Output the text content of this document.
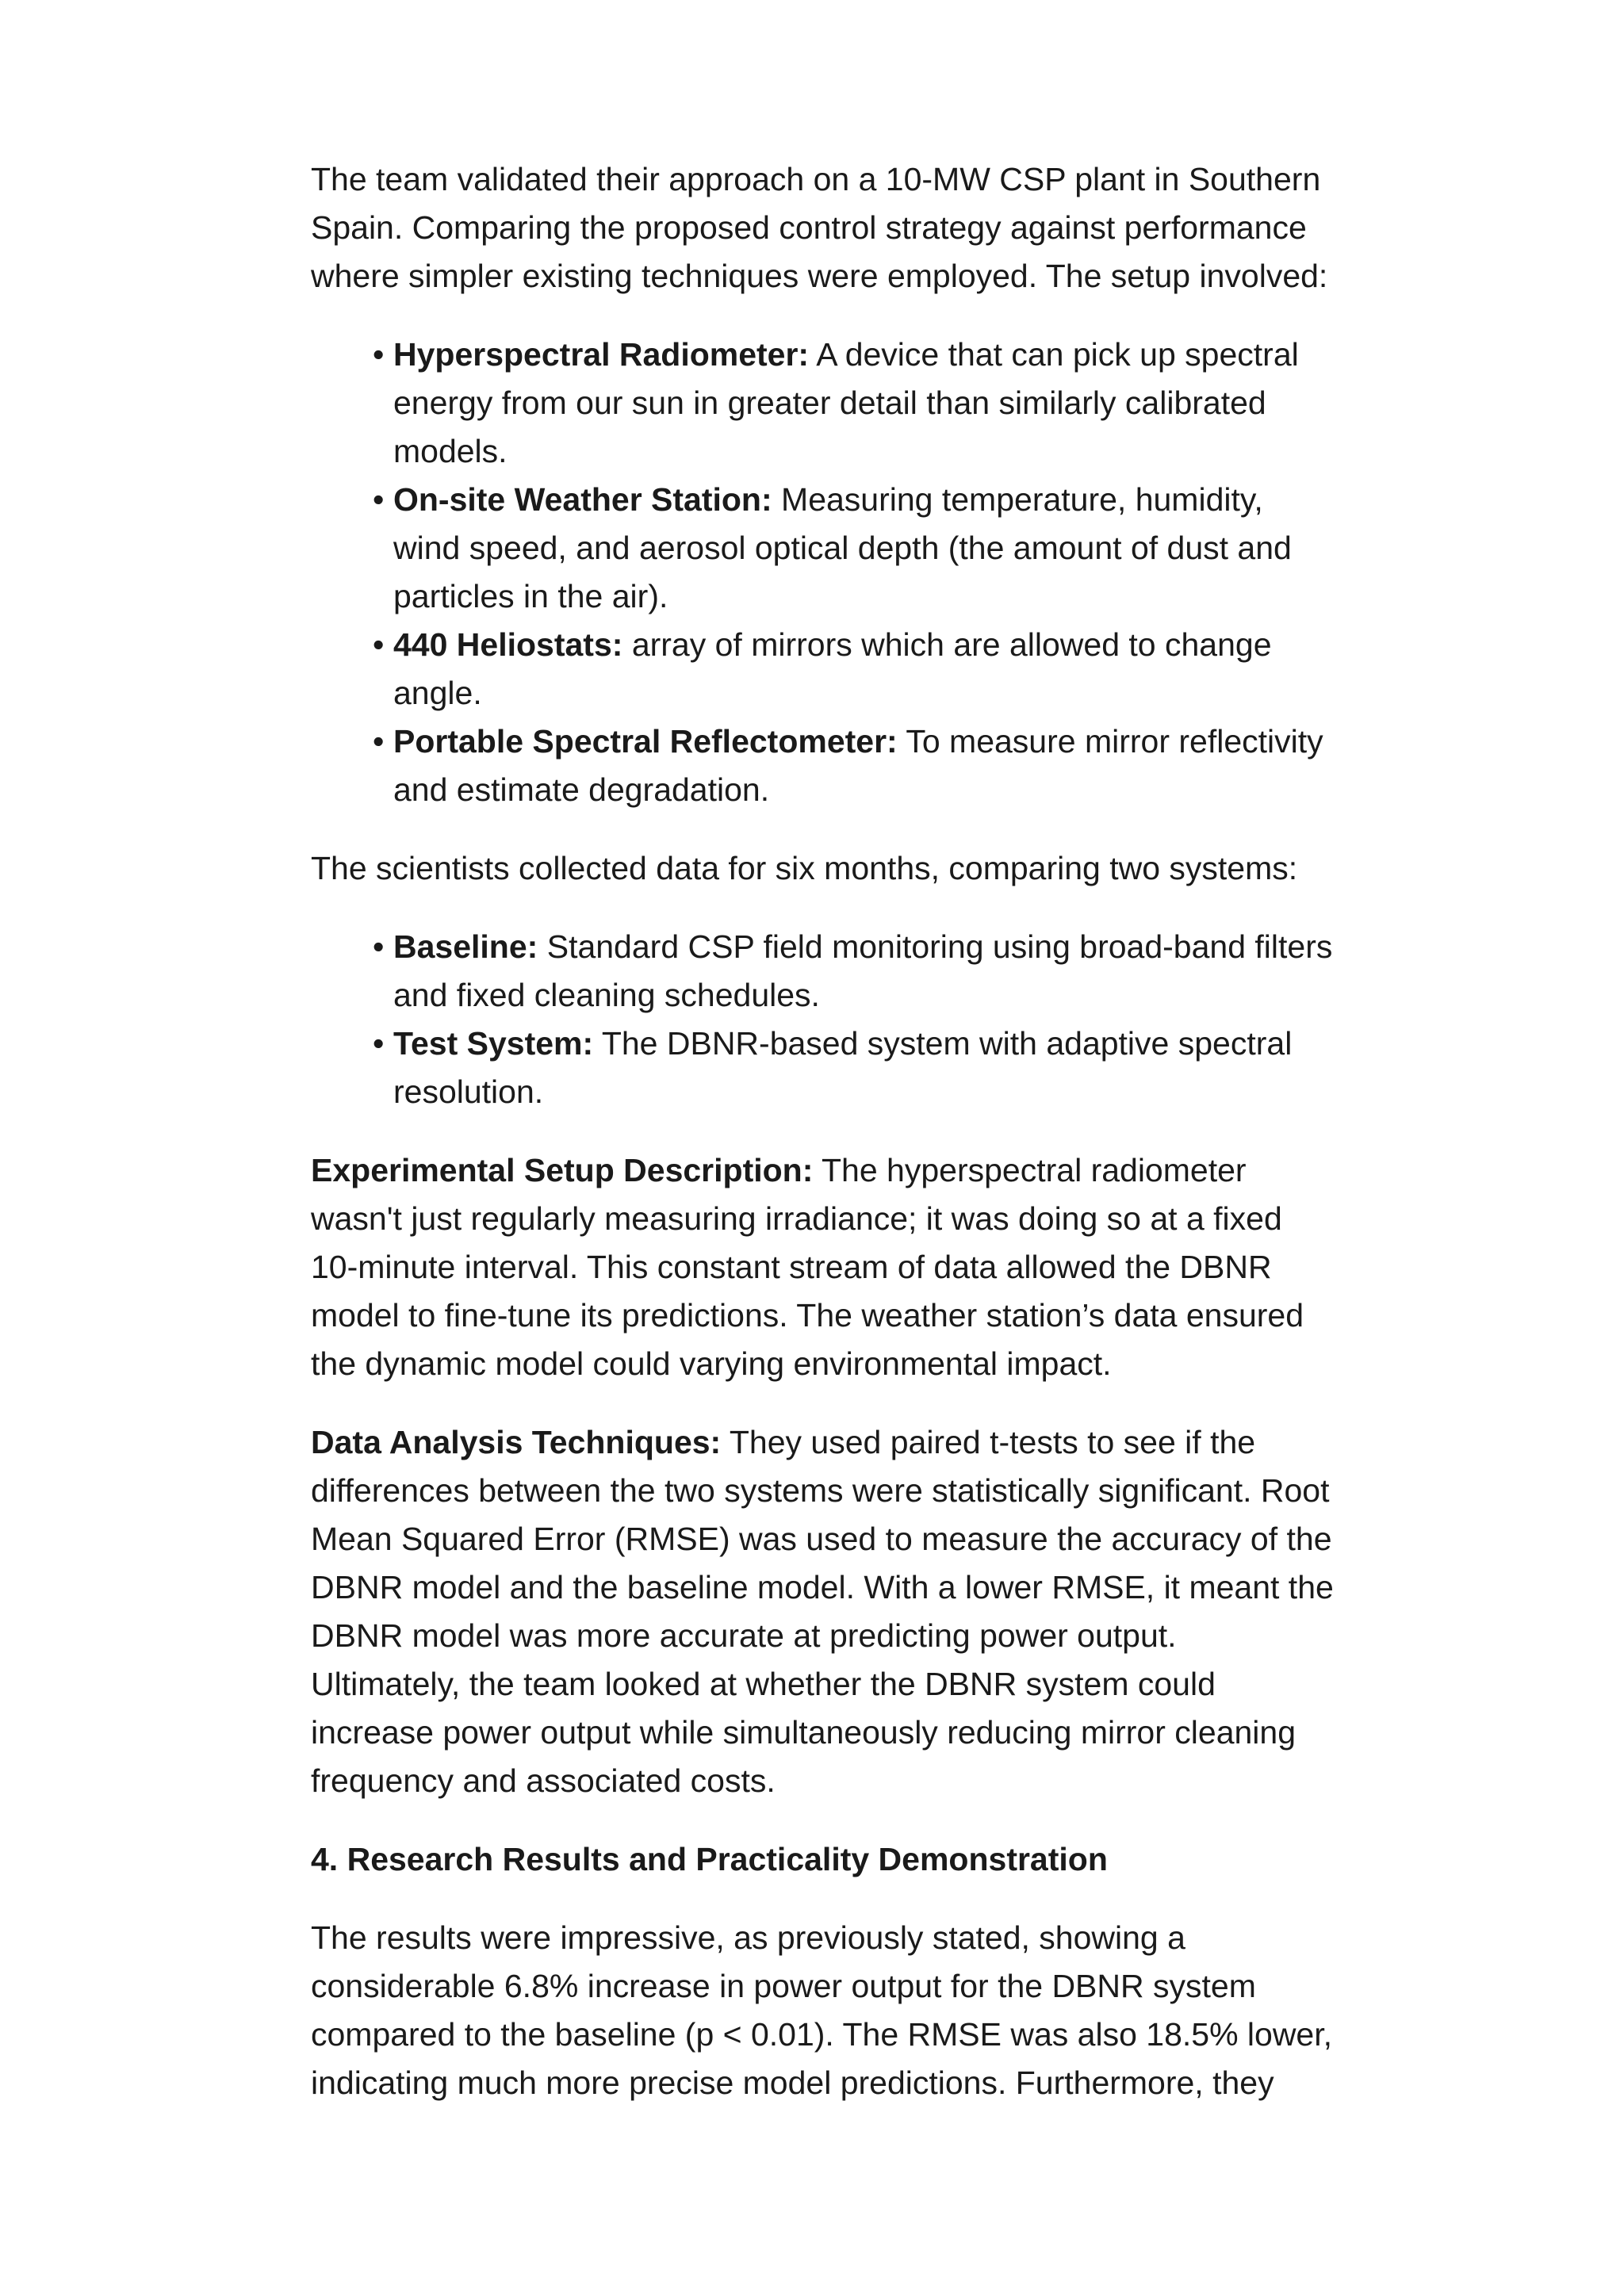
The team validated their approach on a 10-MW CSP plant in Southern Spain. Comparing the proposed control strategy against performance where simpler existing techniques were employed. The setup involved:

• Hyperspectral Radiometer: A device that can pick up spectral energy from our sun in greater detail than similarly calibrated models.
• On-site Weather Station: Measuring temperature, humidity, wind speed, and aerosol optical depth (the amount of dust and particles in the air).
• 440 Heliostats: array of mirrors which are allowed to change angle.
• Portable Spectral Reflectometer: To measure mirror reflectivity and estimate degradation.

The scientists collected data for six months, comparing two systems:

• Baseline: Standard CSP field monitoring using broad-band filters and fixed cleaning schedules.
• Test System: The DBNR-based system with adaptive spectral resolution.

Experimental Setup Description: The hyperspectral radiometer wasn't just regularly measuring irradiance; it was doing so at a fixed 10-minute interval. This constant stream of data allowed the DBNR model to fine-tune its predictions. The weather station’s data ensured the dynamic model could varying environmental impact.

Data Analysis Techniques: They used paired t-tests to see if the differences between the two systems were statistically significant. Root Mean Squared Error (RMSE) was used to measure the accuracy of the DBNR model and the baseline model. With a lower RMSE, it meant the DBNR model was more accurate at predicting power output. Ultimately, the team looked at whether the DBNR system could increase power output while simultaneously reducing mirror cleaning frequency and associated costs.

4. Research Results and Practicality Demonstration

The results were impressive, as previously stated, showing a considerable 6.8% increase in power output for the DBNR system compared to the baseline (p < 0.01). The RMSE was also 18.5% lower, indicating much more precise model predictions. Furthermore, they
